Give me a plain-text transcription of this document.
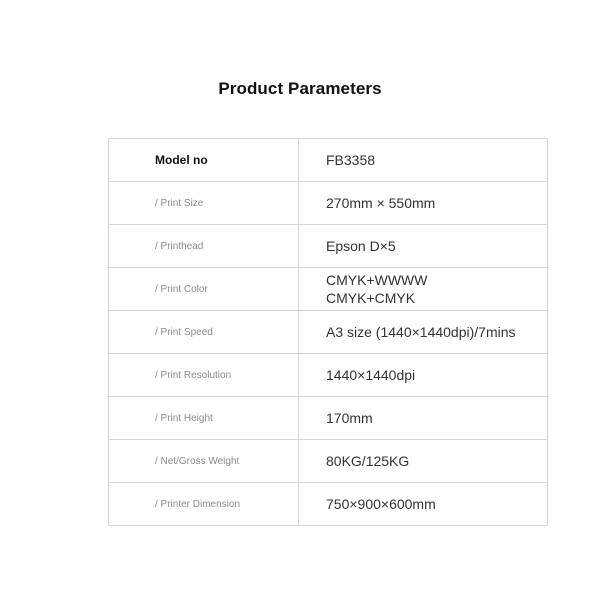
Product Parameters
Model no	FB3358
/ Print Size	270mm × 550mm
/ Printhead	Epson D×5
/ Print Color	CMYK+WWWW
CMYK+CMYK

/ Print Speed	A3 size (1440×1440dpi)/7mins
/ Print Resolution	1440×1440dpi
/ Print Height	170mm
/ Net/Gross Weight	80KG/125KG
/ Printer Dimension	750×900×600mm
